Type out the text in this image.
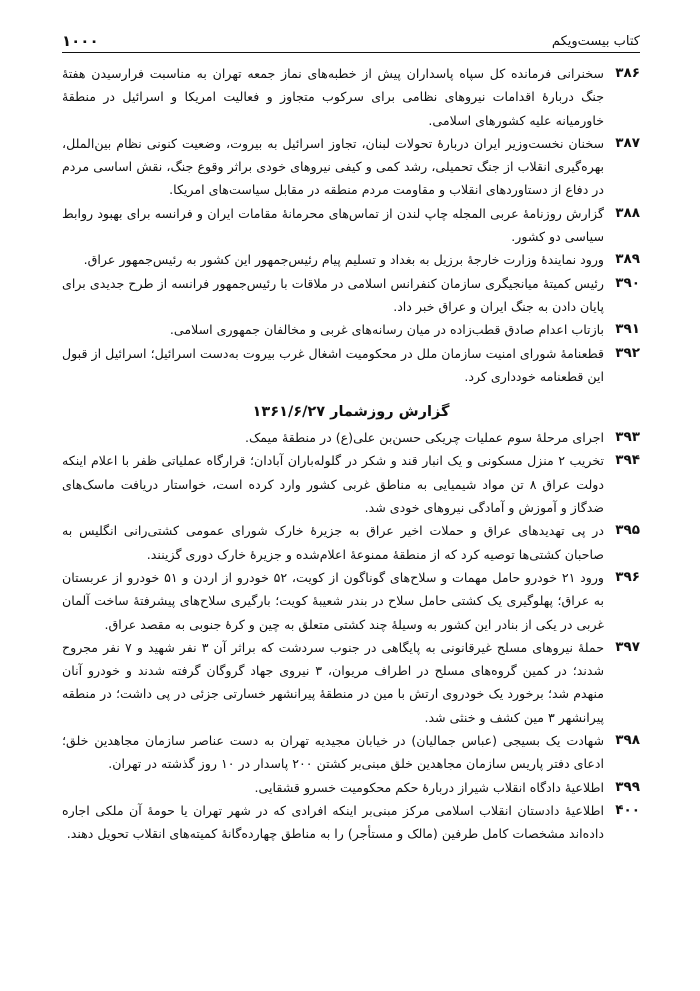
کتاب بیست‌ویکم
۱۰۰۰
۳۸۶
سخنرانی فرمانده کل سپاه پاسداران پیش از خطبه‌های نماز جمعه تهران به مناسبت فرارسیدن هفتهٔ جنگ دربارهٔ اقدامات نیروهای نظامی برای سرکوب متجاوز و فعالیت امریکا و اسرائیل در منطقهٔ خاورمیانه علیه کشورهای اسلامی.
۳۸۷
سخنان نخست‌وزیر ایران دربارهٔ تحولات لبنان، تجاوز اسرائیل به بیروت، وضعیت کنونی نظام بین‌الملل، بهره‌گیری انقلاب از جنگ تحمیلی، رشد کمی و کیفی نیروهای خودی براثر وقوع جنگ، نقش اساسی مردم در دفاع از دستاوردهای انقلاب و مقاومت مردم منطقه در مقابل سیاست‌های امریکا.
۳۸۸
گزارش روزنامهٔ عربی المجله چاپ لندن از تماس‌های محرمانهٔ مقامات ایران و فرانسه برای بهبود روابط سیاسی دو کشور.
۳۸۹
ورود نمایندهٔ وزارت خارجهٔ برزیل به بغداد و تسلیم پیام رئیس‌جمهور این کشور به رئیس‌جمهور عراق.
۳۹۰
رئیس کمیتهٔ میانجیگری سازمان کنفرانس اسلامی در ملاقات با رئیس‌جمهور فرانسه از طرح جدیدی برای پایان دادن به جنگ ایران و عراق خبر داد.
۳۹۱
بازتاب اعدام صادق قطب‌زاده در میان رسانه‌های غربی و مخالفان جمهوری اسلامی.
۳۹۲
قطعنامهٔ شورای امنیت سازمان ملل در محکومیت اشغال غرب بیروت به‌دست اسرائیل؛ اسرائیل از قبول این قطعنامه خودداری کرد.
گزارش روزشمار ۱۳۶۱/۶/۲۷
۳۹۳
اجرای مرحلهٔ سوم عملیات چریکی حسن‌بن علی(ع) در منطقهٔ میمک.
۳۹۴
تخریب ۲ منزل مسکونی و یک انبار قند و شکر در گلوله‌باران آبادان؛ قرارگاه عملیاتی ظفر با اعلام اینکه دولت عراق ۸ تن مواد شیمیایی به مناطق غربی کشور وارد کرده است، خواستار دریافت ماسک‌های ضدگاز و آموزش و آمادگی نیروهای خودی شد.
۳۹۵
در پی تهدیدهای عراق و حملات اخیر عراق به جزیرهٔ خارک شورای عمومی کشتی‌رانی انگلیس به صاحبان کشتی‌ها توصیه کرد که از منطقهٔ ممنوعهٔ اعلام‌شده و جزیرهٔ خارک دوری گزینند.
۳۹۶
ورود ۲۱ خودرو حامل مهمات و سلاح‌های گوناگون از کویت، ۵۲ خودرو از اردن و ۵۱ خودرو از عربستان به عراق؛ پهلوگیری یک کشتی حامل سلاح در بندر شعیبهٔ کویت؛ بارگیری سلاح‌های پیشرفتهٔ ساخت آلمان غربی در یکی از بنادر این کشور به وسیلهٔ چند کشتی متعلق به چین و کرهٔ جنوبی به مقصد عراق.
۳۹۷
حملهٔ نیروهای مسلح غیرقانونی به پایگاهی در جنوب سردشت که براثر آن ۳ نفر شهید و ۷ نفر مجروح شدند؛ در کمین گروه‌های مسلح در اطراف مریوان، ۳ نیروی جهاد گروگان گرفته شدند و خودرو آنان منهدم شد؛ برخورد یک خودروی ارتش با مین در منطقهٔ پیرانشهر خسارتی جزئی در پی داشت؛ در منطقه پیرانشهر ۳ مین کشف و خنثی شد.
۳۹۸
شهادت یک بسیجی (عباس جمالیان) در خیابان مجیدیه تهران به دست عناصر سازمان مجاهدین خلق؛ ادعای دفتر پاریس سازمان مجاهدین خلق مبنی‌بر کشتن ۲۰۰ پاسدار در ۱۰ روز گذشته در تهران.
۳۹۹
اطلاعیهٔ دادگاه انقلاب شیراز دربارهٔ حکم محکومیت خسرو قشقایی.
۴۰۰
اطلاعیهٔ دادستان انقلاب اسلامی مرکز مبنی‌بر اینکه افرادی که در شهر تهران یا حومهٔ آن ملکی اجاره داده‌اند مشخصات کامل طرفین (مالک و مستأجر) را به مناطق چهارده‌گانهٔ کمیته‌های انقلاب تحویل دهند.
